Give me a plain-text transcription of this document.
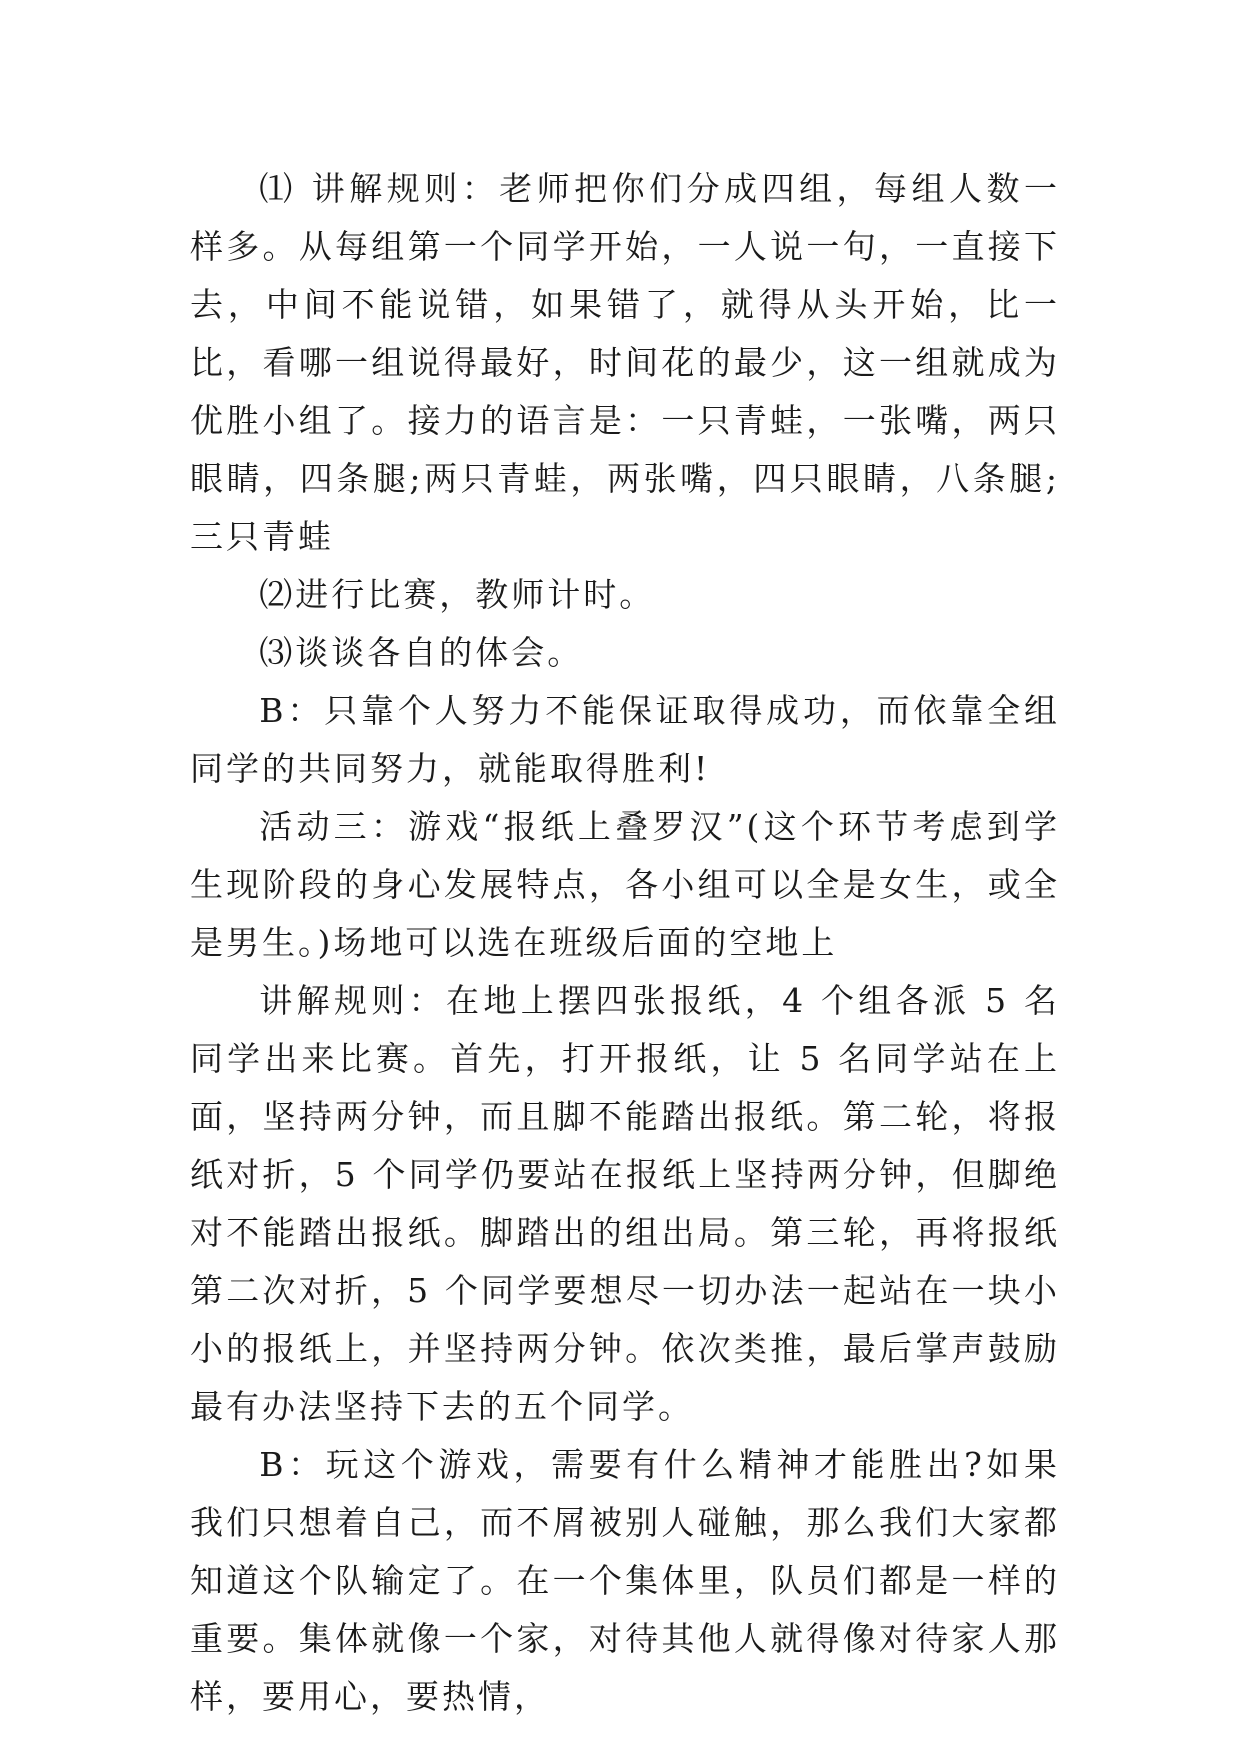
⑴ 讲解规则：老师把你们分成四组，每组人数一样多。从每组第一个同学开始，一人说一句，一直接下去，中间不能说错，如果错了，就得从头开始，比一比，看哪一组说得最好，时间花的最少，这一组就成为优胜小组了。接力的语言是：一只青蛙，一张嘴，两只眼睛，四条腿;两只青蛙，两张嘴，四只眼睛，八条腿;三只青蛙

⑵进行比赛，教师计时。

⑶谈谈各自的体会。

B：只靠个人努力不能保证取得成功，而依靠全组同学的共同努力，就能取得胜利!

活动三：游戏“报纸上叠罗汉”(这个环节考虑到学生现阶段的身心发展特点，各小组可以全是女生，或全是男生。)场地可以选在班级后面的空地上

讲解规则：在地上摆四张报纸，4 个组各派 5 名同学出来比赛。首先，打开报纸，让 5 名同学站在上面，坚持两分钟，而且脚不能踏出报纸。第二轮，将报纸对折，5 个同学仍要站在报纸上坚持两分钟，但脚绝对不能踏出报纸。脚踏出的组出局。第三轮，再将报纸第二次对折，5 个同学要想尽一切办法一起站在一块小小的报纸上，并坚持两分钟。依次类推，最后掌声鼓励最有办法坚持下去的五个同学。

B：玩这个游戏，需要有什么精神才能胜出?如果我们只想着自己，而不屑被别人碰触，那么我们大家都知道这个队输定了。在一个集体里，队员们都是一样的重要。集体就像一个家，对待其他人就得像对待家人那样，要用心，要热情，
